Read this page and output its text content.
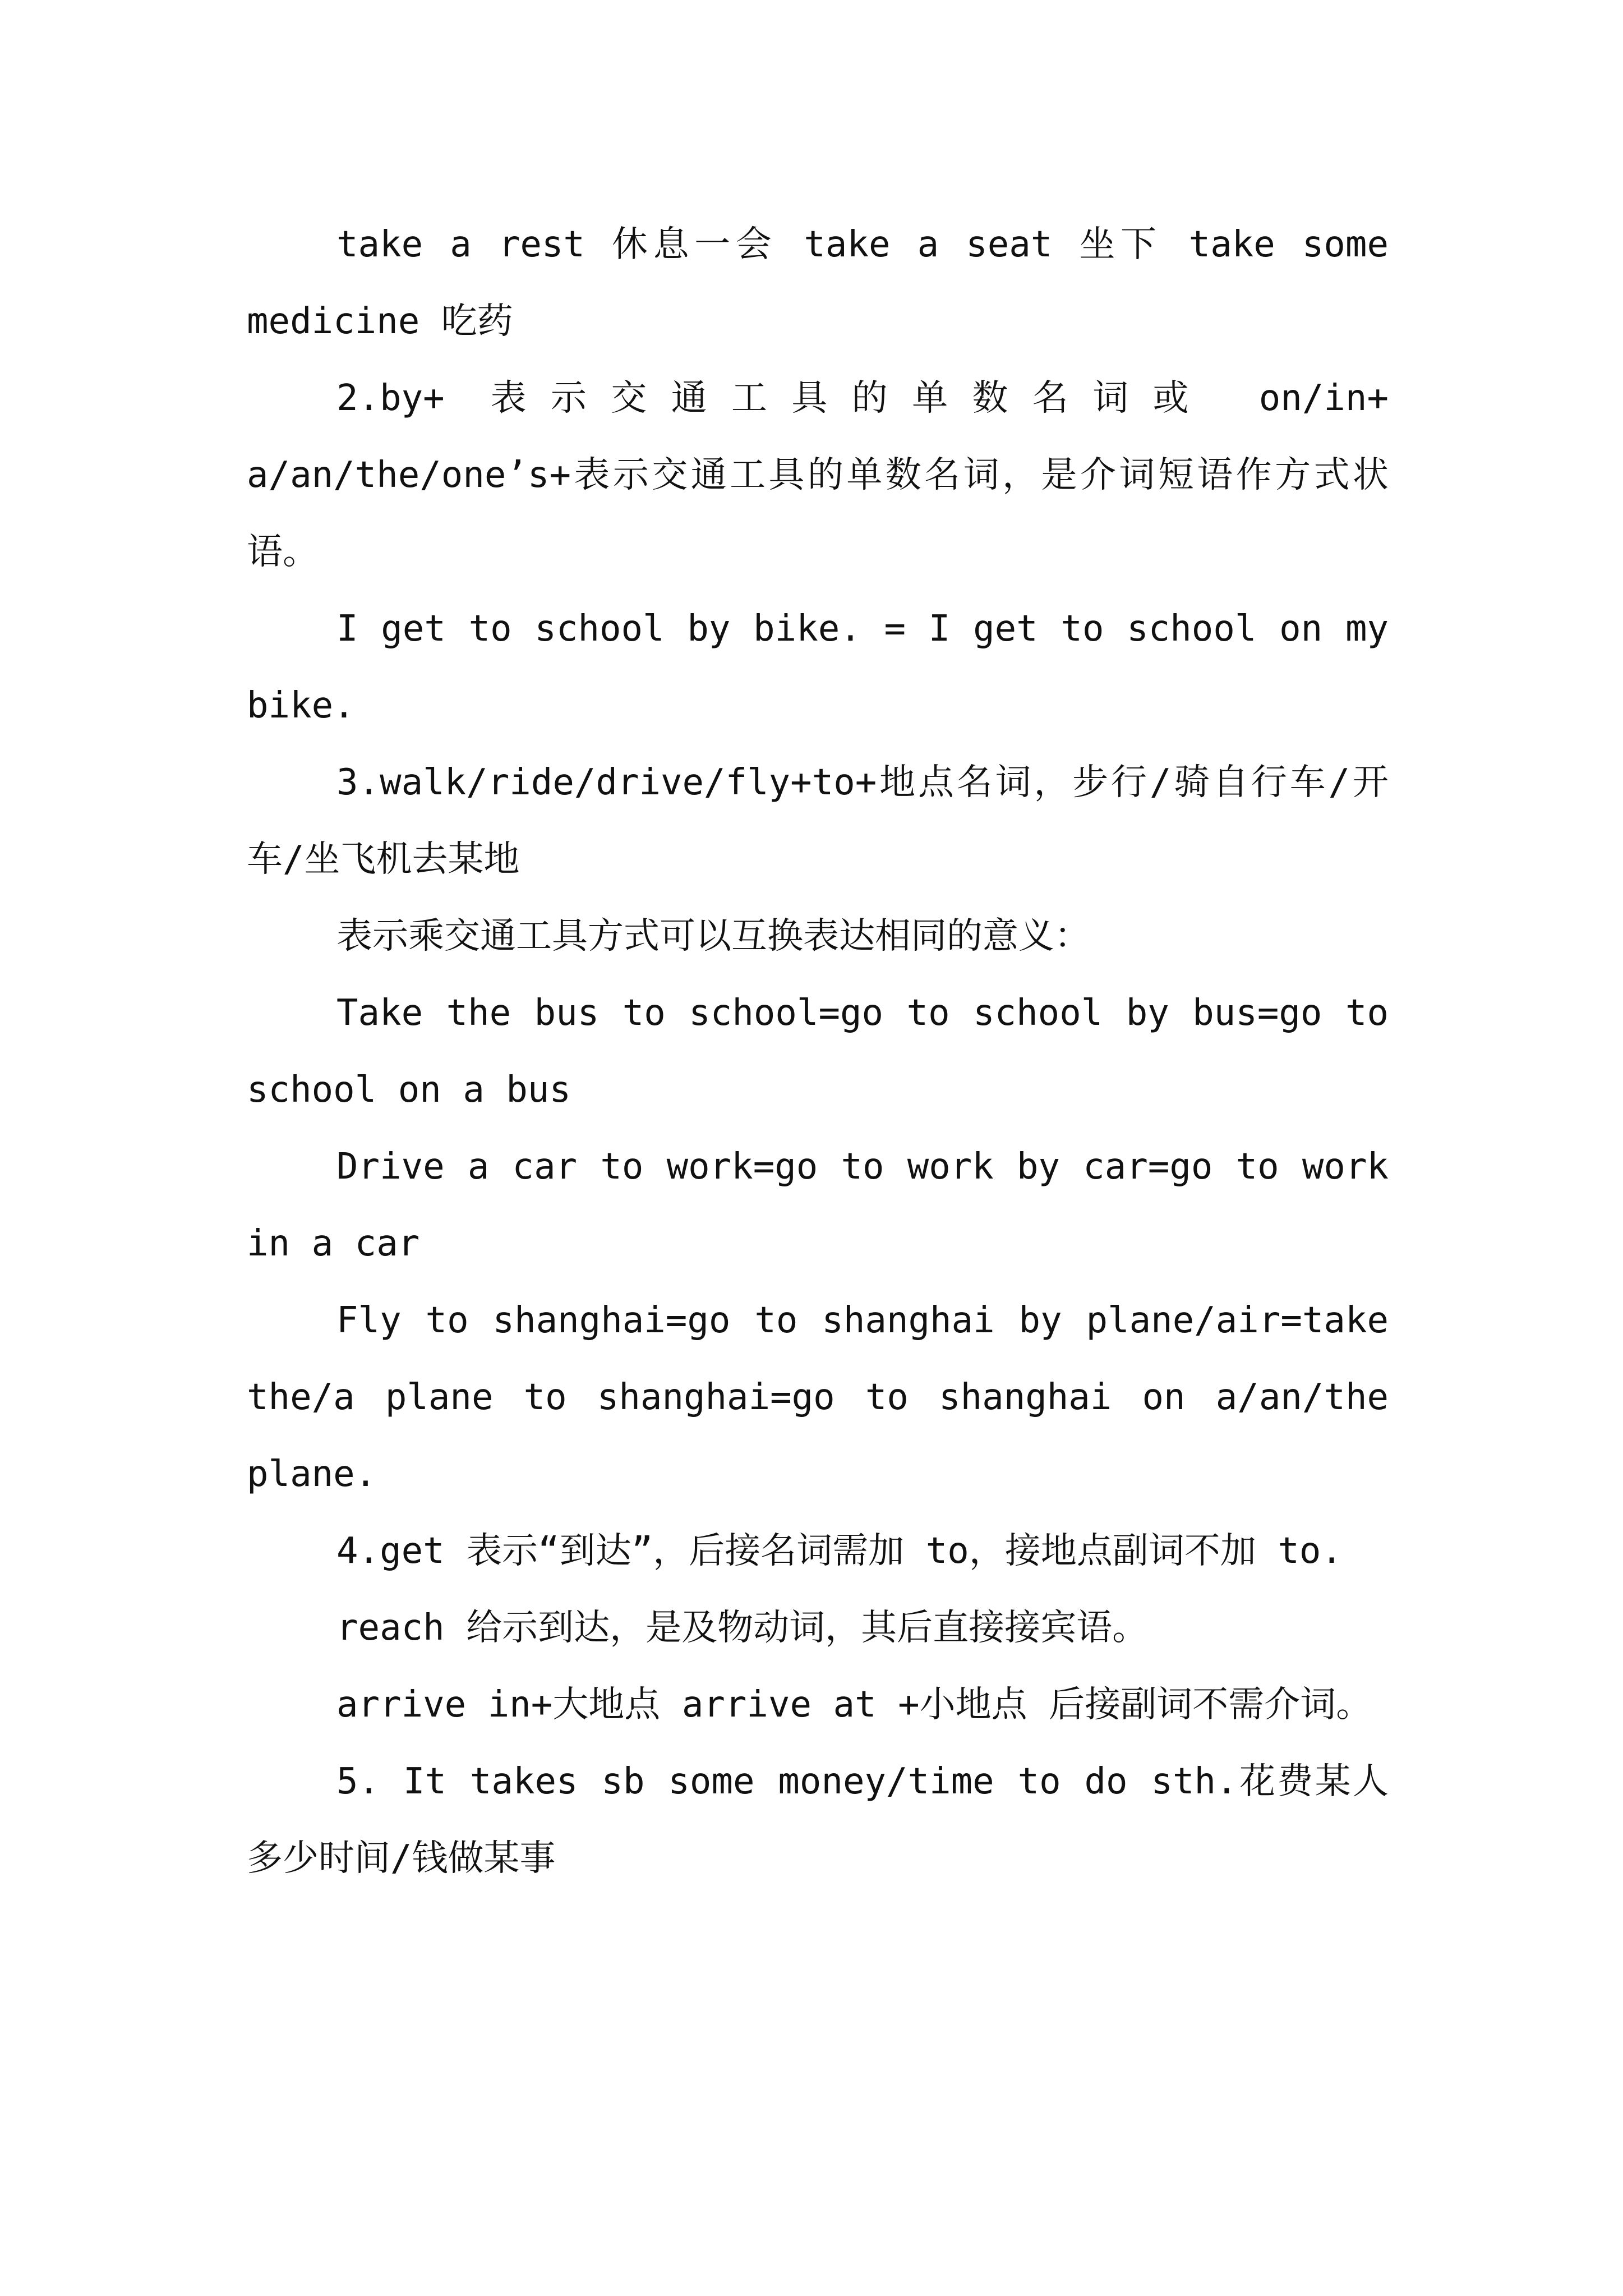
take a rest 休息一会 take a seat 坐下 take some medicine 吃药

2.by+ 表示交通工具的单数名词或 on/in+ a/an/the/one’s+表示交通工具的单数名词，是介词短语作方式状语。

I get to school by bike. = I get to school on my bike.

3.walk/ride/drive/fly+to+地点名词，步行/骑自行车/开车/坐飞机去某地

表示乘交通工具方式可以互换表达相同的意义：

Take the bus to school=go to school by bus=go to school on a bus

Drive a car to work=go to work by car=go to work in a car

Fly to shanghai=go to shanghai by plane/air=take the/a plane to shanghai=go to shanghai on a/an/the plane.

4.get 表示“到达”，后接名词需加 to，接地点副词不加 to.

reach 给示到达，是及物动词，其后直接接宾语。

arrive in+大地点 arrive at +小地点 后接副词不需介词。

5. It takes sb some money/time to do sth.花费某人多少时间/钱做某事
